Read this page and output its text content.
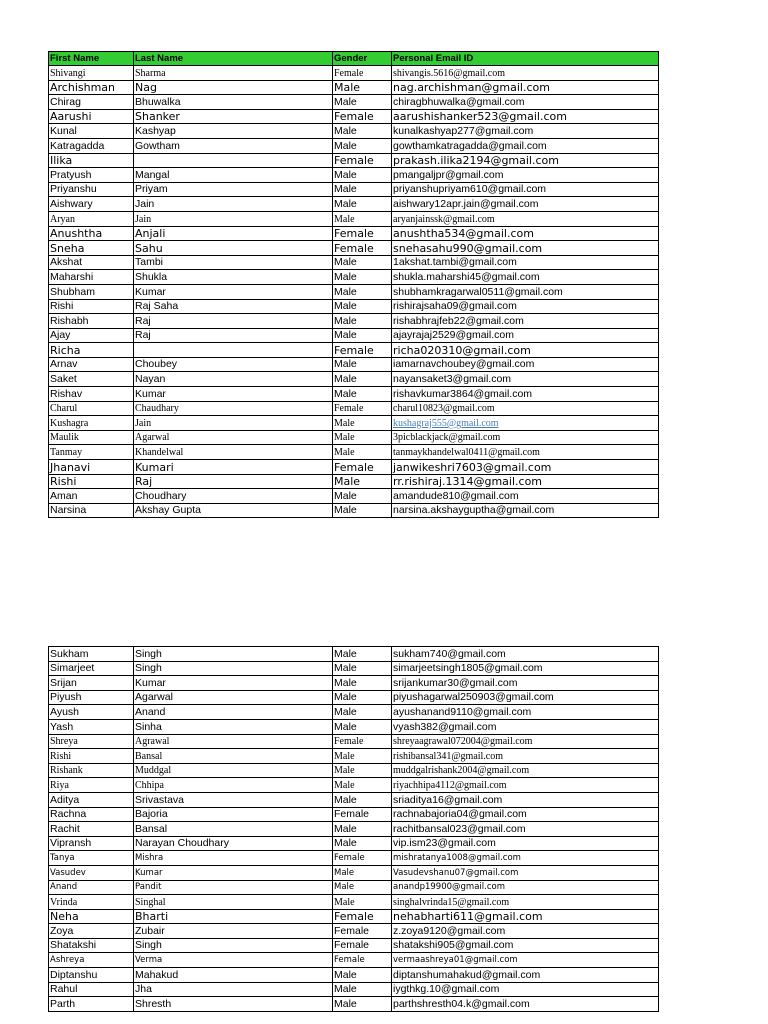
First Name	Last Name	Gender	Personal Email ID
Shivangi	Sharma	Female	shivangis.5616@gmail.com
Archishman	Nag	Male	nag.archishman@gmail.com
Chirag	Bhuwalka	Male	chiragbhuwalka@gmail.com
Aarushi	Shanker	Female	aarushishanker523@gmail.com
Kunal	Kashyap	Male	kunalkashyap277@gmail.com
Katragadda	Gowtham	Male	gowthamkatragadda@gmail.com
Ilika		Female	prakash.ilika2194@gmail.com
Pratyush	Mangal	Male	pmangaljpr@gmail.com
Priyanshu	Priyam	Male	priyanshupriyam610@gmail.com
Aishwary	Jain	Male	aishwary12apr.jain@gmail.com
Aryan	Jain	Male	aryanjainssk@gmail.com
Anushtha	Anjali	Female	anushtha534@gmail.com
Sneha	Sahu	Female	snehasahu990@gmail.com
Akshat	Tambi	Male	1akshat.tambi@gmail.com
Maharshi	Shukla	Male	shukla.maharshi45@gmail.com
Shubham	Kumar	Male	shubhamkragarwal0511@gmail.com
Rishi	Raj Saha	Male	rishirajsaha09@gmail.com
Rishabh	Raj	Male	rishabhrajfeb22@gmail.com
Ajay	Raj	Male	ajayrajaj2529@gmail.com
Richa		Female	richa020310@gmail.com
Arnav	Choubey	Male	iamarnavchoubey@gmail.com
Saket	Nayan	Male	nayansaket3@gmail.com
Rishav	Kumar	Male	rishavkumar3864@gmail.com
Charul	Chaudhary	Female	charul10823@gmail.com
Kushagra	Jain	Male	kushagraj555@gmail.com
Maulik	Agarwal	Male	3picblackjack@gmail.com
Tanmay	Khandelwal	Male	tanmaykhandelwal0411@gmail.com
Jhanavi	Kumari	Female	janwikeshri7603@gmail.com
Rishi	Raj	Male	rr.rishiraj.1314@gmail.com
Aman	Choudhary	Male	amandude810@gmail.com
Narsina	Akshay Gupta	Male	narsina.akshayguptha@gmail.com
Sukham	Singh	Male	sukham740@gmail.com
Simarjeet	Singh	Male	simarjeetsingh1805@gmail.com
Srijan	Kumar	Male	srijankumar30@gmail.com
Piyush	Agarwal	Male	piyushagarwal250903@gmail.com
Ayush	Anand	Male	ayushanand9110@gmail.com
Yash	Sinha	Male	vyash382@gmail.com
Shreya	Agrawal	Female	shreyaagrawal072004@gmail.com
Rishi	Bansal	Male	rishibansal341@gmail.com
Rishank	Muddgal	Male	muddgalrishank2004@gmail.com
Riya	Chhipa	Male	riyachhipa4112@gmail.com
Aditya	Srivastava	Male	sriaditya16@gmail.com
Rachna	Bajoria	Female	rachnabajoria04@gmail.com
Rachit	Bansal	Male	rachitbansal023@gmail.com
Vipransh	Narayan Choudhary	Male	vip.ism23@gmail.com
Tanya	Mishra	Female	mishratanya1008@gmail.com
Vasudev	Kumar	Male	Vasudevshanu07@gmail.com
Anand	Pandit	Male	anandp19900@gmail.com
Vrinda	Singhal	Male	singhalvrinda15@gmail.com
Neha	Bharti	Female	nehabharti611@gmail.com
Zoya	Zubair	Female	z.zoya9120@gmail.com
Shatakshi	Singh	Female	shatakshi905@gmail.com
Ashreya	Verma	Female	vermaashreya01@gmail.com
Diptanshu	Mahakud	Male	diptanshumahakud@gmail.com
Rahul	Jha	Male	iygthkg.10@gmail.com
Parth	Shresth	Male	parthshresth04.k@gmail.com
